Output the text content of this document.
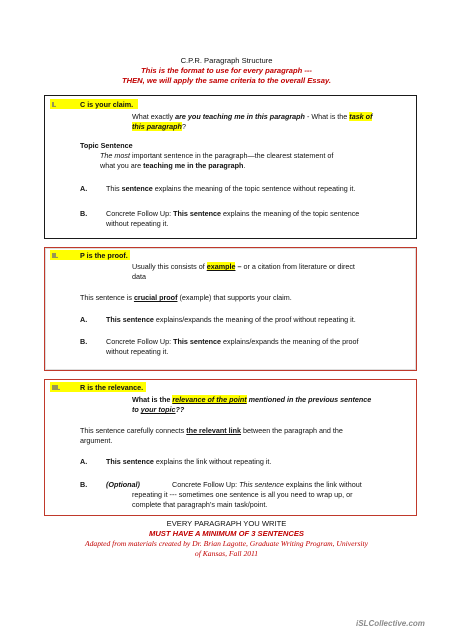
C.P.R. Paragraph Structure
This is the format to use for every paragraph ---
THEN, we will apply the same criteria to the overall Essay.
I.	C is your claim.
What exactly are you teaching me in this paragraph - What is the task of
this paragraph?
Topic Sentence
The most important sentence in the paragraph—the clearest statement of
what you are teaching me in the paragraph.
A.	This sentence explains the meaning of the topic sentence without repeating it.
B.	Concrete Follow Up: This sentence explains the meaning of the topic sentence
without repeating it.
II.	P is the proof.
Usually this consists of example – or a citation from literature or direct
data
This sentence is crucial proof (example) that supports your claim.
A.	This sentence explains/expands the meaning of the proof without repeating it.
B.	Concrete Follow Up: This sentence explains/expands the meaning of the proof
without repeating it.
III.	R is the relevance.
What is the relevance of the point mentioned in the previous sentence
to your topic??
This sentence carefully connects the relevant link between the paragraph and the
argument.
A.	This sentence explains the link without repeating it.
B.	(Optional)	Concrete Follow Up: This sentence explains the link without
repeating it --- sometimes one sentence is all you need to wrap up, or
complete that paragraph’s main task/point.
EVERY PARAGRAPH YOU WRITE
MUST HAVE A MINIMUM OF 3 SENTENCES
Adapted from materials created by Dr. Brian Lagotte, Graduate Writing Program, University
of Kansas, Fall 2011
iSLCollective.com
